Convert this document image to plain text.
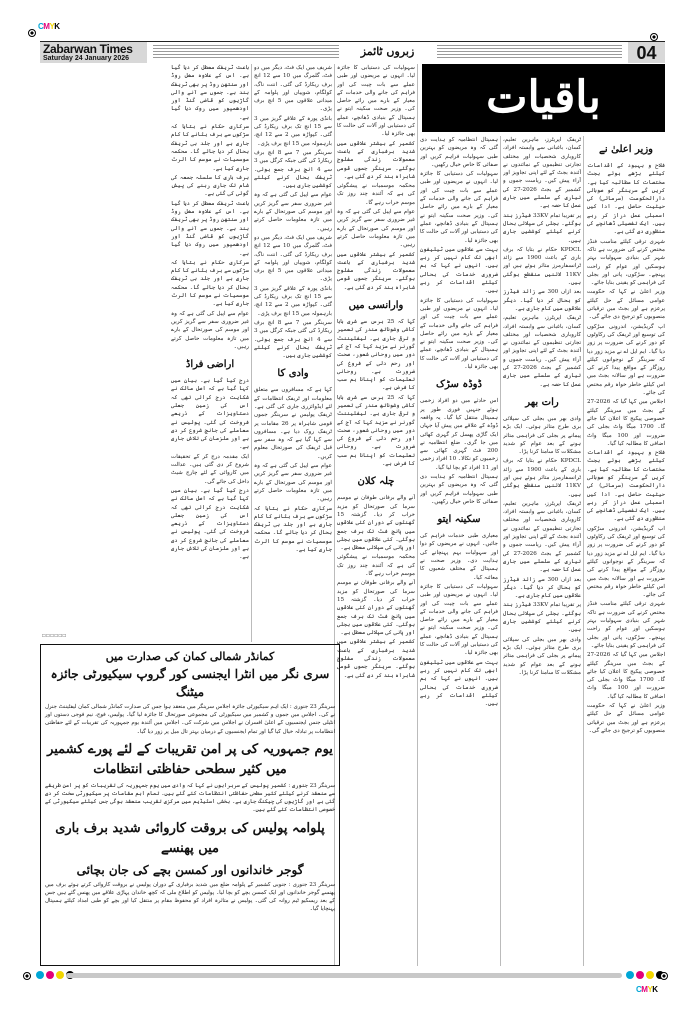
CMYK
Zabarwan Times
Saturday 24 January 2026	زبروں ٹائمز	04
باقیات
وزیر اعلیٰ نے

فلاح و بہبود کے اقدامات کیلئے بڑھے ہوئے بجٹ مختصات کا مطالبہ کیا ہے۔ کریں گے سرینگر کو صوبائی دارالحکومت (سرمائی) کی حیثیت حاصل ہے۔ ادا کیں اسمبلی عمل دراز کر رہے ہیں۔ ایک تفصیلی ڈھانچے کی منظوری دی گئی ہے۔

شہری ترقی کیلئے مناسب فنڈز مختص کرنے کی ضرورت ہے تاکہ شہر کی بنیادی سہولیات بہتر ہوسکیں اور عوام کو راحت پہنچے۔ سڑکوں، پانی اور بجلی کی فراہمی کو یقینی بنایا جائے۔

وزیر اعلیٰ نے کہا کہ حکومت عوامی مسائل کے حل کیلئے پرعزم ہے اور بجٹ میں ترقیاتی منصوبوں کو ترجیح دی جائے گی۔

اپ گریڈیشن، اندرونی سڑکوں کی توسیع اور ٹریفک کی رکاوٹوں کو دور کرنے کی ضرورت پر زور دیا گیا۔ ایم ایل اے نے مزید زور دیا کہ سرینگر کے نوجوانوں کیلئے روزگار کے مواقع پیدا کرنے کی ضرورت ہے اور سالانہ بجٹ میں اس کیلئے خاطر خواہ رقم مختص کی جائے۔

اجلاس میں کہا گیا کہ 2026-27 کے بجٹ میں سرینگر کیلئے خصوصی پیکیج کا اعلان کیا جائے گا۔ 1700 میگا واٹ بجلی کی ضرورت اور 100 میگا واٹ اضافی کا مطالبہ کیا گیا۔

فلاح و بہبود کے اقدامات کیلئے بڑھے ہوئے بجٹ مختصات کا مطالبہ کیا ہے۔ کریں گے سرینگر کو صوبائی دارالحکومت (سرمائی) کی حیثیت حاصل ہے۔ ادا کیں اسمبلی عمل دراز کر رہے ہیں۔ ایک تفصیلی ڈھانچے کی منظوری دی گئی ہے۔

اپ گریڈیشن، اندرونی سڑکوں کی توسیع اور ٹریفک کی رکاوٹوں کو دور کرنے کی ضرورت پر زور دیا گیا۔ ایم ایل اے نے مزید زور دیا کہ سرینگر کے نوجوانوں کیلئے روزگار کے مواقع پیدا کرنے کی ضرورت ہے اور سالانہ بجٹ میں اس کیلئے خاطر خواہ رقم مختص کی جائے۔

شہری ترقی کیلئے مناسب فنڈز مختص کرنے کی ضرورت ہے تاکہ شہر کی بنیادی سہولیات بہتر ہوسکیں اور عوام کو راحت پہنچے۔ سڑکوں، پانی اور بجلی کی فراہمی کو یقینی بنایا جائے۔

اجلاس میں کہا گیا کہ 2026-27 کے بجٹ میں سرینگر کیلئے خصوصی پیکیج کا اعلان کیا جائے گا۔ 1700 میگا واٹ بجلی کی ضرورت اور 100 میگا واٹ اضافی کا مطالبہ کیا گیا۔

وزیر اعلیٰ نے کہا کہ حکومت عوامی مسائل کے حل کیلئے پرعزم ہے اور بجٹ میں ترقیاتی منصوبوں کو ترجیح دی جائے گی۔

ٹریفک اپریٹرز، ماہرین تعلیم، کسان، باغبانی سے وابستہ افراد، کاروباری شخصیات اور مختلف تجارتی تنظیموں کے نمائندوں نے آئندہ بجٹ کے لئے اپنی تجاویز اور آراء پیش کیں۔ ریاست جموں و کشمیر کے بجٹ 2026-27 کی تیاری کے سلسلے میں جاری عمل کا حصہ ہے۔

پر تقریبا تمام 33KV فیڈرز بند ہوگئے۔ بجلی کی سپلائی بحال کرنے کیلئے کوششیں جاری ہیں۔

KPDCL حکام نے بتایا کہ برف باری کے باعث 1900 سے زائد ٹرانسفارمرز متاثر ہوئے ہیں اور 11KV لائنیں منقطع ہوگئی ہیں۔

بعد ازاں 300 سے زائد فیڈرز کو بحال کر دیا گیا۔ دیگر علاقوں میں کام جاری ہے۔

ٹریفک اپریٹرز، ماہرین تعلیم، کسان، باغبانی سے وابستہ افراد، کاروباری شخصیات اور مختلف تجارتی تنظیموں کے نمائندوں نے آئندہ بجٹ کے لئے اپنی تجاویز اور آراء پیش کیں۔ ریاست جموں و کشمیر کے بجٹ 2026-27 کی تیاری کے سلسلے میں جاری عمل کا حصہ ہے۔

رات بھر

وادی بھر میں بجلی کی سپلائی بری طرح متاثر ہوئی۔ ایک بڑے پیمانے پر بجلی کی فراہمی متاثر ہونے کے بعد عوام کو شدید مشکلات کا سامنا کرنا پڑا۔

KPDCL حکام نے بتایا کہ برف باری کے باعث 1900 سے زائد ٹرانسفارمرز متاثر ہوئے ہیں اور 11KV لائنیں منقطع ہوگئی ہیں۔

ٹریفک اپریٹرز، ماہرین تعلیم، کسان، باغبانی سے وابستہ افراد، کاروباری شخصیات اور مختلف تجارتی تنظیموں کے نمائندوں نے آئندہ بجٹ کے لئے اپنی تجاویز اور آراء پیش کیں۔ ریاست جموں و کشمیر کے بجٹ 2026-27 کی تیاری کے سلسلے میں جاری عمل کا حصہ ہے۔

بعد ازاں 300 سے زائد فیڈرز کو بحال کر دیا گیا۔ دیگر علاقوں میں کام جاری ہے۔

پر تقریبا تمام 33KV فیڈرز بند ہوگئے۔ بجلی کی سپلائی بحال کرنے کیلئے کوششیں جاری ہیں۔

وادی بھر میں بجلی کی سپلائی بری طرح متاثر ہوئی۔ ایک بڑے پیمانے پر بجلی کی فراہمی متاثر ہونے کے بعد عوام کو شدید مشکلات کا سامنا کرنا پڑا۔

ہسپتال انتظامیہ کو ہدایت دی گئی کہ وہ مریضوں کو بہترین طبی سہولیات فراہم کریں اور صفائی کا خاص خیال رکھیں۔

سہولیات کی دستیابی کا جائزہ لیا۔ انہوں نے مریضوں اور طبی عملے سے بات چیت کی اور فراہم کی جانے والی خدمات کے معیار کے بارے میں رائے حاصل کی۔ وزیر صحت سکینہ ایتو نے ہسپتال کے بنیادی ڈھانچے، عملے کی دستیابی اور آلات کی حالت کا بھی جائزہ لیا۔

بہت سے علاقوں میں ٹیلیفون ابھی تک کام نہیں کر رہے ہیں۔ انہوں نے کہا کہ ہم ضروری خدمات کی بحالی کیلئے اقدامات کر رہے ہیں۔

سہولیات کی دستیابی کا جائزہ لیا۔ انہوں نے مریضوں اور طبی عملے سے بات چیت کی اور فراہم کی جانے والی خدمات کے معیار کے بارے میں رائے حاصل کی۔ وزیر صحت سکینہ ایتو نے ہسپتال کے بنیادی ڈھانچے، عملے کی دستیابی اور آلات کی حالت کا بھی جائزہ لیا۔

ڈوڈہ سڑک

اس حادثے میں دو افراد زخمی ہوئے جنہیں فوری طور پر ہسپتال منتقل کیا گیا۔ یہ واقعہ ڈوڈہ کے علاقے میں پیش آیا جہاں ایک گاڑی پھسل کر گہری کھائی میں جا گری۔ ضلع انتظامیہ نے 200 فٹ گہری کھائی سے زخمیوں کو نکالا۔ 10 افراد زخمی اور 11 افراد کو بچا لیا گیا۔

ہسپتال انتظامیہ کو ہدایت دی گئی کہ وہ مریضوں کو بہترین طبی سہولیات فراہم کریں اور صفائی کا خاص خیال رکھیں۔

سکینہ ایتو

معیاری طبی خدمات فراہم کی جائیں۔ انہوں نے مریضوں کو دوا اور سہولیات بہم پہنچانے کی ہدایت دی۔ وزیر صحت نے ہسپتال کے مختلف شعبوں کا معائنہ کیا۔

سہولیات کی دستیابی کا جائزہ لیا۔ انہوں نے مریضوں اور طبی عملے سے بات چیت کی اور فراہم کی جانے والی خدمات کے معیار کے بارے میں رائے حاصل کی۔ وزیر صحت سکینہ ایتو نے ہسپتال کے بنیادی ڈھانچے، عملے کی دستیابی اور آلات کی حالت کا بھی جائزہ لیا۔

بہت سے علاقوں میں ٹیلیفون ابھی تک کام نہیں کر رہے ہیں۔ انہوں نے کہا کہ ہم ضروری خدمات کی بحالی کیلئے اقدامات کر رہے ہیں۔

سہولیات کی دستیابی کا جائزہ لیا۔ انہوں نے مریضوں اور طبی عملے سے بات چیت کی اور فراہم کی جانے والی خدمات کے معیار کے بارے میں رائے حاصل کی۔ وزیر صحت سکینہ ایتو نے ہسپتال کے بنیادی ڈھانچے، عملے کی دستیابی اور آلات کی حالت کا بھی جائزہ لیا۔

کشمیر کے بیشتر علاقوں میں شدید برفباری کے باعث معمولات زندگی مفلوج ہوگئے۔ سرینگر جموں قومی شاہراہ بند کر دی گئی ہے۔

محکمہ موسمیات نے پیشگوئی کی ہے کہ آئندہ چند روز تک موسم خراب رہے گا۔

عوام سے اپیل کی گئی ہے کہ وہ غیر ضروری سفر سے گریز کریں اور موسم کی صورتحال کے بارے میں تازہ معلومات حاصل کرتے رہیں۔

کشمیر کے بیشتر علاقوں میں شدید برفباری کے باعث معمولات زندگی مفلوج ہوگئے۔ سرینگر جموں قومی شاہراہ بند کر دی گئی ہے۔

وارانسی میں

کہا کہ 25 برس سے شری بابا کاشی وشوناتھ مندر کی تعمیر و ترقی جاری ہے۔ لیفٹیننٹ گورنر نے مزید کہا کہ آج کے دور میں روحانی شعور، صحت اور رحم دلی کے فروغ کی ضرورت ہے۔ روحانی تعلیمات کو اپنانا ہم سب کا فرض ہے۔

کہا کہ 25 برس سے شری بابا کاشی وشوناتھ مندر کی تعمیر و ترقی جاری ہے۔ لیفٹیننٹ گورنر نے مزید کہا کہ آج کے دور میں روحانی شعور، صحت اور رحم دلی کے فروغ کی ضرورت ہے۔ روحانی تعلیمات کو اپنانا ہم سب کا فرض ہے۔

چلہ کلان

آنے والے برفانی طوفان نے موسم سرما کی صورتحال کو مزید خراب کر دیا۔ گزشتہ 15 گھنٹوں کے دوران کئی علاقوں میں پانچ فٹ تک برف جمع ہوگئی۔ کئی علاقوں میں بجلی اور پانی کی سپلائی معطل ہے۔

محکمہ موسمیات نے پیشگوئی کی ہے کہ آئندہ چند روز تک موسم خراب رہے گا۔

آنے والے برفانی طوفان نے موسم سرما کی صورتحال کو مزید خراب کر دیا۔ گزشتہ 15 گھنٹوں کے دوران کئی علاقوں میں پانچ فٹ تک برف جمع ہوگئی۔ کئی علاقوں میں بجلی اور پانی کی سپلائی معطل ہے۔

کشمیر کے بیشتر علاقوں میں شدید برفباری کے باعث معمولات زندگی مفلوج ہوگئے۔ سرینگر جموں قومی شاہراہ بند کر دی گئی ہے۔

شریف میں ایک فٹ، دیگر میں دو فٹ، گلمرگ میں 10 سے 12 انچ برف ریکارڈ کی گئی۔ اننت ناگ، کولگام، شوپیاں اور پلوامہ کے میدانی علاقوں میں 5 انچ برف پڑی۔

بانڈی پورہ کے علاقے گریز میں 3 سے 15 انچ تک برف ریکارڈ کی گئی۔ کپواڑہ میں 2 سے 12 انچ، بارہمولہ میں 15 انچ برف پڑی۔

سرینگر میں 7 سے 8 انچ برف ریکارڈ کی گئی جبکہ کرگل میں 3 سے 4 انچ برف جمع ہوئی۔ ٹریفک بحال کرنے کیلئے کوششیں جاری ہیں۔

عوام سے اپیل کی گئی ہے کہ وہ غیر ضروری سفر سے گریز کریں اور موسم کی صورتحال کے بارے میں تازہ معلومات حاصل کرتے رہیں۔

شریف میں ایک فٹ، دیگر میں دو فٹ، گلمرگ میں 10 سے 12 انچ برف ریکارڈ کی گئی۔ اننت ناگ، کولگام، شوپیاں اور پلوامہ کے میدانی علاقوں میں 5 انچ برف پڑی۔

بانڈی پورہ کے علاقے گریز میں 3 سے 15 انچ تک برف ریکارڈ کی گئی۔ کپواڑہ میں 2 سے 12 انچ، بارہمولہ میں 15 انچ برف پڑی۔

سرینگر میں 7 سے 8 انچ برف ریکارڈ کی گئی جبکہ کرگل میں 3 سے 4 انچ برف جمع ہوئی۔ ٹریفک بحال کرنے کیلئے کوششیں جاری ہیں۔

وادی کا

کہا ہے کہ مسافروں سے متعلق معلومات اور ٹریفک انتظامات کے لئے ایڈوائزری جاری کی گئی ہے۔ ٹریفک پولیس نے سرینگر جموں قومی شاہراہ پر 26 مقامات پر ٹریفک روک دیا ہے۔ مسافروں سے کہا گیا ہے کہ وہ سفر سے قبل ٹریفک کی صورتحال معلوم کریں۔

عوام سے اپیل کی گئی ہے کہ وہ غیر ضروری سفر سے گریز کریں اور موسم کی صورتحال کے بارے میں تازہ معلومات حاصل کرتے رہیں۔

سرکاری حکام نے بتایا کہ سڑکوں سے برف ہٹانے کا کام جاری ہے اور جلد ہی ٹریفک بحال کر دیا جائے گا۔ محکمہ موسمیات نے موسم کا الرٹ جاری کیا ہے۔

باعث ٹریفک معطل کر دیا گیا ہے۔ اس کے علاوہ مغل روڈ اور سنتھن روڈ پر بھی ٹریفک بند ہے۔ جموں سے آنے والی گاڑیوں کو قاضی گنڈ اور اودھمپور میں روک دیا گیا ہے۔

سرکاری حکام نے بتایا کہ سڑکوں سے برف ہٹانے کا کام جاری ہے اور جلد ہی ٹریفک بحال کر دیا جائے گا۔ محکمہ موسمیات نے موسم کا الرٹ جاری کیا ہے۔

برف باری کا سلسلہ جمعہ کی شام تک جاری رہنے کی پیش گوئی کی گئی ہے۔

باعث ٹریفک معطل کر دیا گیا ہے۔ اس کے علاوہ مغل روڈ اور سنتھن روڈ پر بھی ٹریفک بند ہے۔ جموں سے آنے والی گاڑیوں کو قاضی گنڈ اور اودھمپور میں روک دیا گیا ہے۔

سرکاری حکام نے بتایا کہ سڑکوں سے برف ہٹانے کا کام جاری ہے اور جلد ہی ٹریفک بحال کر دیا جائے گا۔ محکمہ موسمیات نے موسم کا الرٹ جاری کیا ہے۔

عوام سے اپیل کی گئی ہے کہ وہ غیر ضروری سفر سے گریز کریں اور موسم کی صورتحال کے بارے میں تازہ معلومات حاصل کرتے رہیں۔

اراضی فراڈ

درج کیا گیا ہے۔ بیان میں کہا گیا ہے کہ اصل مالک نے شکایت درج کرائی تھی کہ اس کی زمین جعلی دستاویزات کے ذریعے فروخت کی گئی۔ پولیس نے معاملے کی جانچ شروع کر دی ہے اور ملزمان کی تلاش جاری ہے۔

ایک مقدمہ درج کر کے تحقیقات شروع کر دی گئی ہیں۔ عدالت میں کاروائی کے لئے چارج شیٹ داخل کی جائے گی۔

درج کیا گیا ہے۔ بیان میں کہا گیا ہے کہ اصل مالک نے شکایت درج کرائی تھی کہ اس کی زمین جعلی دستاویزات کے ذریعے فروخت کی گئی۔ پولیس نے معاملے کی جانچ شروع کر دی ہے اور ملزمان کی تلاش جاری ہے۔

☐☐☐☐☐☐
کمانڈر شمالی کمان کی صدارت میں
سری نگر میں انٹرا ایجنسی کور گروپ سیکیورٹی جائزہ میٹنگ
سرینگر 23 جنوری : ایک اہم سیکیورٹی جائزہ اجلاس سرینگر میں منعقد ہوا جس کی صدارت کمانڈر شمالی کمان لیفٹیننٹ جنرل نے کی۔ اجلاس میں جموں و کشمیر میں سیکیورٹی کی مجموعی صورتحال کا جائزہ لیا گیا۔ پولیس، فوج، نیم فوجی دستوں اور انٹیلی جنس ایجنسیوں کے اعلیٰ افسران نے اجلاس میں شرکت کی۔ اجلاس میں آئندہ یوم جمہوریہ کی تقریبات کے لئے حفاظتی انتظامات پر تبادلہ خیال کیا گیا اور تمام ایجنسیوں کے درمیان بہتر تال میل پر زور دیا گیا۔
یوم جمہوریہ کی پر امن تقریبات کے لئے پورے کشمیر میں کثیر سطحی حفاظتی انتظامات
سرینگر 23 جنوری : کشمیر پولیس کے سربراہوں نے کہا کہ وادی میں یوم جمہوریہ کی تقریبات کو پر امن طریقے سے منعقد کرنے کیلئے کثیر سطحی حفاظتی انتظامات کئے گئے ہیں۔ تمام اہم مقامات پر سیکیورٹی سخت کر دی گئی ہے اور گاڑیوں کی چیکنگ جاری ہے۔ بخشی اسٹیڈیم میں مرکزی تقریب منعقد ہوگی جس کیلئے سیکیورٹی کے خصوصی انتظامات کئے گئے ہیں۔
پلوامہ پولیس کی بروقت کاروائی شدید برف باری میں پھنسے
گوجر خاندانوں اور کمسن بچے کی جان بچائی
سرینگر 23 جنوری : جنوبی کشمیر کے پلوامہ ضلع میں شدید برفباری کے دوران پولیس نے بروقت کاروائی کرتے ہوئے برف میں پھنسے گوجر خاندانوں اور ایک کمسن بچے کو بچا لیا۔ پولیس کو اطلاع ملی کہ کچھ خاندان پہاڑی علاقے میں پھنس گئے ہیں جس کے بعد ریسکیو ٹیم روانہ کی گئی۔ پولیس نے متاثرہ افراد کو محفوظ مقام پر منتقل کیا اور بچے کو طبی امداد کیلئے ہسپتال پہنچایا گیا۔
CMYK
